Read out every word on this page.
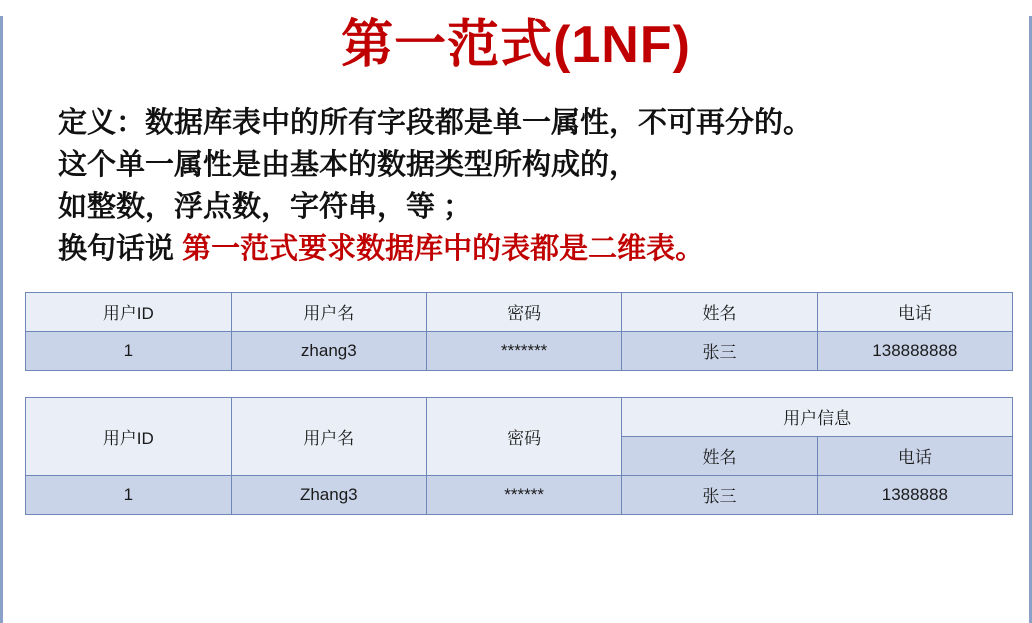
第一范式(1NF)
定义：数据库表中的所有字段都是单一属性，不可再分的。
这个单一属性是由基本的数据类型所构成的，
如整数，浮点数，字符串，等 ；
换句话说 第一范式要求数据库中的表都是二维表。
用户ID	用户名	密码	姓名	电话
1	zhang3	*******	张三	138888888
用户ID	用户名	密码	用户信息	
			姓名	电话
1	Zhang3	******	张三	1388888
